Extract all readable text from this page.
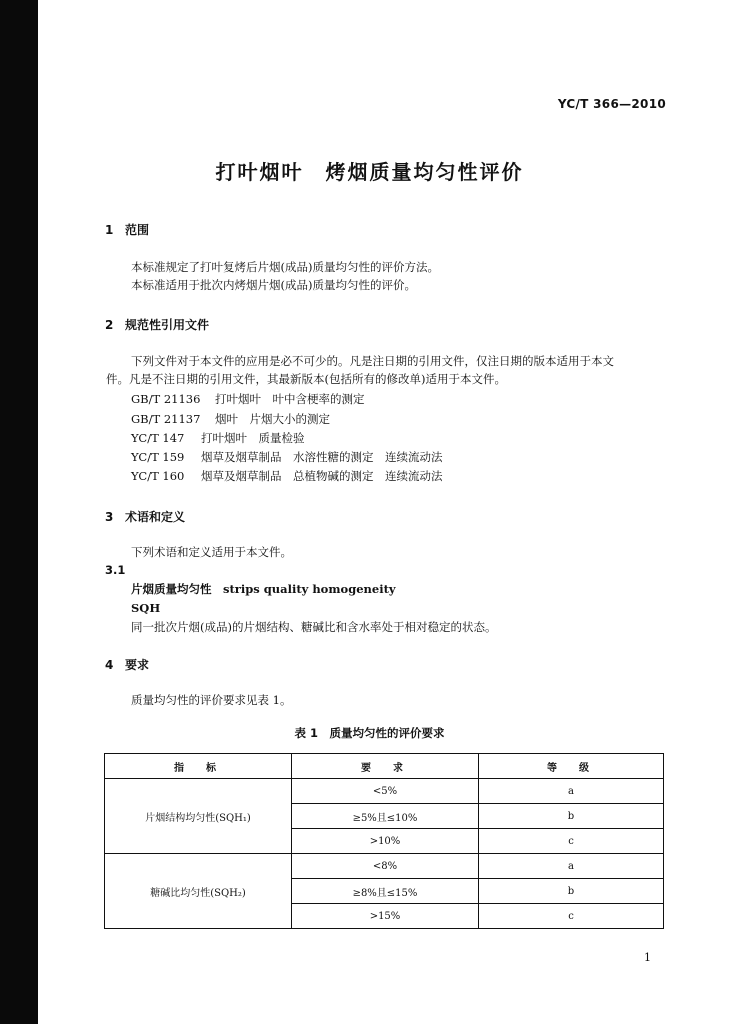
YC/T 366—2010
打叶烟叶　烤烟质量均匀性评价
1 范围
本标准规定了打叶复烤后片烟(成品)质量均匀性的评价方法。
本标准适用于批次内烤烟片烟(成品)质量均匀性的评价。
2 规范性引用文件
下列文件对于本文件的应用是必不可少的。凡是注日期的引用文件，仅注日期的版本适用于本文
件。凡是不注日期的引用文件，其最新版本(包括所有的修改单)适用于本文件。
GB/T 21136 打叶烟叶　叶中含梗率的测定
GB/T 21137 烟叶　片烟大小的测定
YC/T 147 打叶烟叶　质量检验
YC/T 159 烟草及烟草制品　水溶性糖的测定　连续流动法
YC/T 160 烟草及烟草制品　总植物碱的测定　连续流动法
3 术语和定义
下列术语和定义适用于本文件。
3.1
片烟质量均匀性　strips quality homogeneity
SQH
同一批次片烟(成品)的片烟结构、糖碱比和含水率处于相对稳定的状态。
4 要求
质量均匀性的评价要求见表 1。
表 1　质量均匀性的评价要求
指　标	要　求	等　级
片烟结构均匀性(SQH₁)	<5%	a
	≥5%且≤10%	b
	>10%	c
糖碱比均匀性(SQH₂)	<8%	a
	≥8%且≤15%	b
	>15%	c
1
